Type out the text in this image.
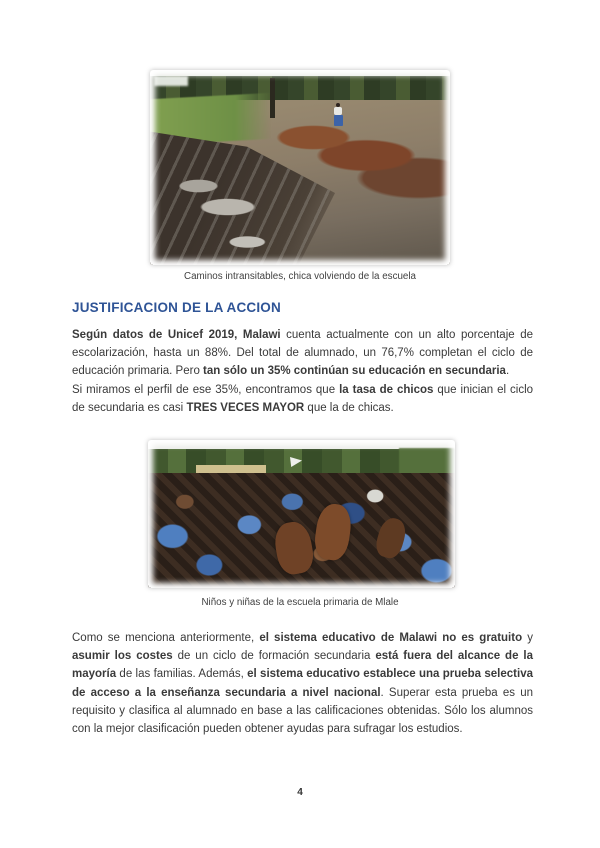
Caminos intransitables, chica volviendo de la escuela
JUSTIFICACION DE LA ACCION

Según datos de Unicef 2019, Malawi cuenta actualmente con un alto porcentaje de escolarización, hasta un 88%. Del total de alumnado, un 76,7% completan el ciclo de educación primaria. Pero tan sólo un 35% continúan su educación en secundaria.

Si miramos el perfil de ese 35%, encontramos que la tasa de chicos que inician el ciclo de secundaria es casi TRES VECES MAYOR que la de chicas.

Niños y niñas de la escuela primaria de Mlale

Como se menciona anteriormente, el sistema educativo de Malawi no es gratuito y asumir los costes de un ciclo de formación secundaria está fuera del alcance de la mayoría de las familias. Además, el sistema educativo establece una prueba selectiva de acceso a la enseñanza secundaria a nivel nacional. Superar esta prueba es un requisito y clasifica al alumnado en base a las calificaciones obtenidas. Sólo los alumnos con la mejor clasificación pueden obtener ayudas para sufragar los estudios.

4
